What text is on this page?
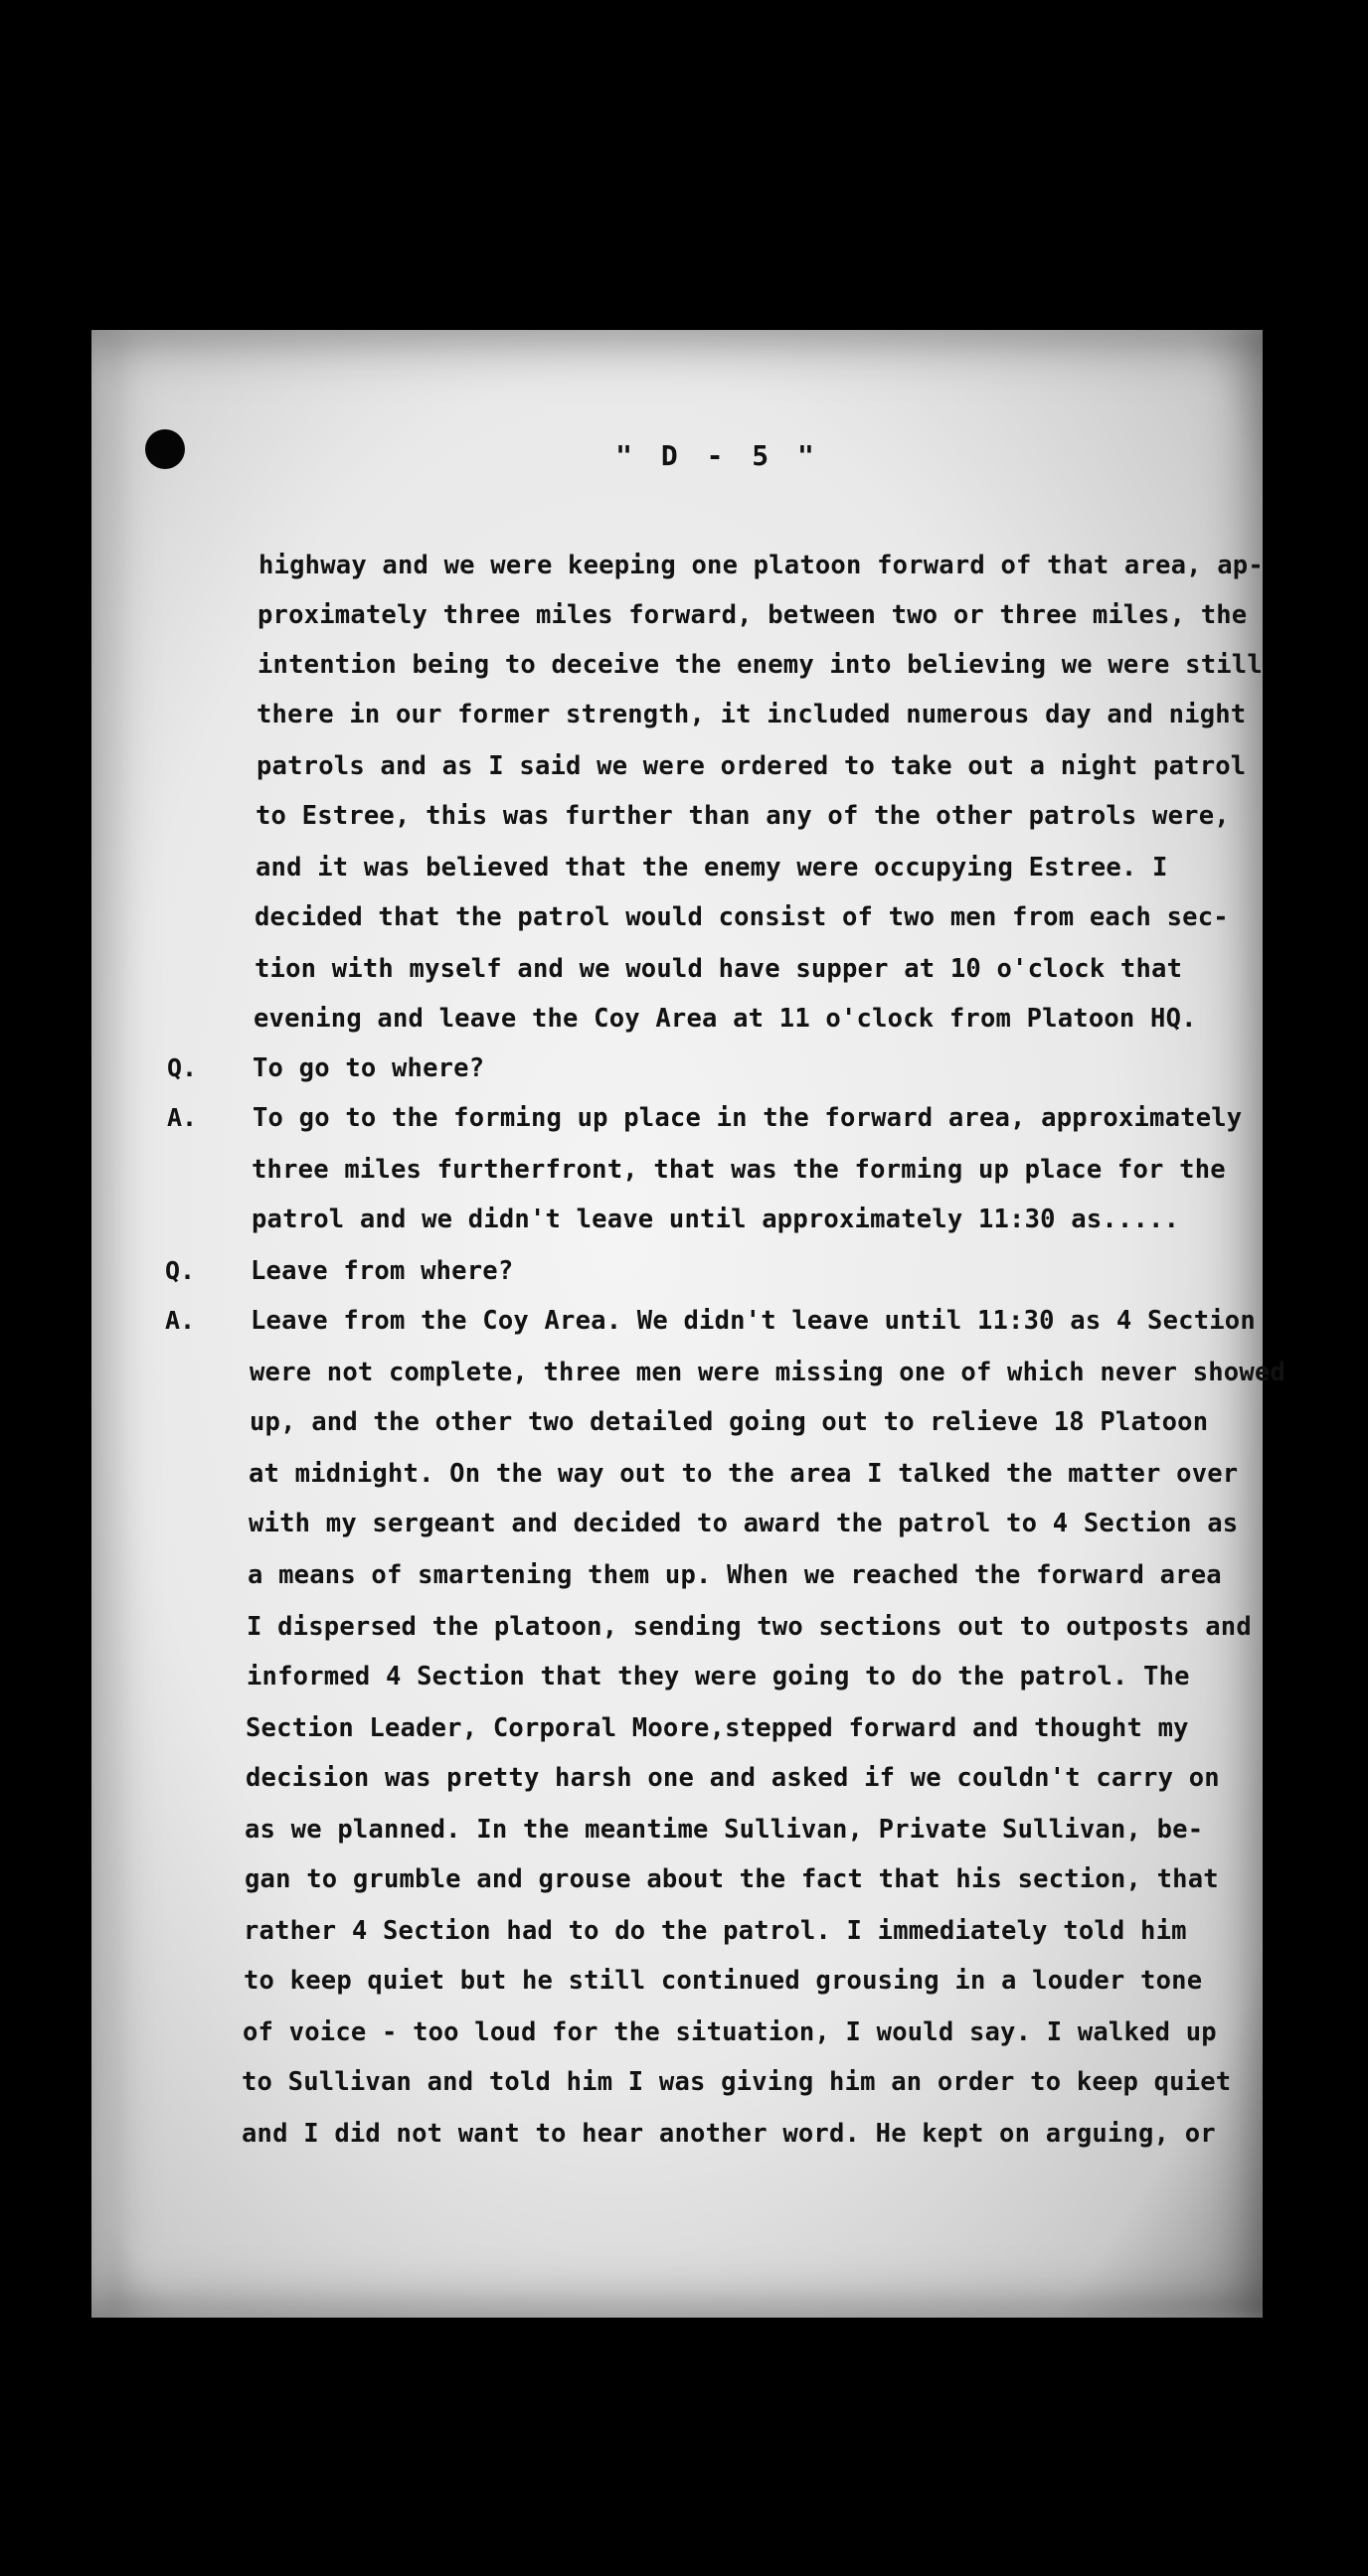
" D - 5 "
highway and we were keeping one platoon forward of that area, ap-
proximately three miles forward, between two or three miles, the
intention being to deceive the enemy into believing we were still
there in our former strength, it included numerous day and night
patrols and as I said we were ordered to take out a night patrol
to Estree, this was further than any of the other patrols were,
and it was believed that the enemy were occupying Estree. I
decided that the patrol would consist of two men from each sec-
tion with myself and we would have supper at 10 o'clock that
evening and leave the Coy Area at 11 o'clock from Platoon HQ.
To go to where?
Q.
To go to the forming up place in the forward area, approximately
A.
three miles furtherfront, that was the forming up place for the
patrol and we didn't leave until approximately 11:30 as.....
Leave from where?
Q.
Leave from the Coy Area. We didn't leave until 11:30 as 4 Section
A.
were not complete, three men were missing one of which never showed
up, and the other two detailed going out to relieve 18 Platoon
at midnight. On the way out to the area I talked the matter over
with my sergeant and decided to award the patrol to 4 Section as
a means of smartening them up. When we reached the forward area
I dispersed the platoon, sending two sections out to outposts and
informed 4 Section that they were going to do the patrol. The
Section Leader, Corporal Moore,stepped forward and thought my
decision was pretty harsh one and asked if we couldn't carry on
as we planned. In the meantime Sullivan, Private Sullivan, be-
gan to grumble and grouse about the fact that his section, that
rather 4 Section had to do the patrol. I immediately told him
to keep quiet but he still continued grousing in a louder tone
of voice - too loud for the situation, I would say. I walked up
to Sullivan and told him I was giving him an order to keep quiet
and I did not want to hear another word. He kept on arguing, or
